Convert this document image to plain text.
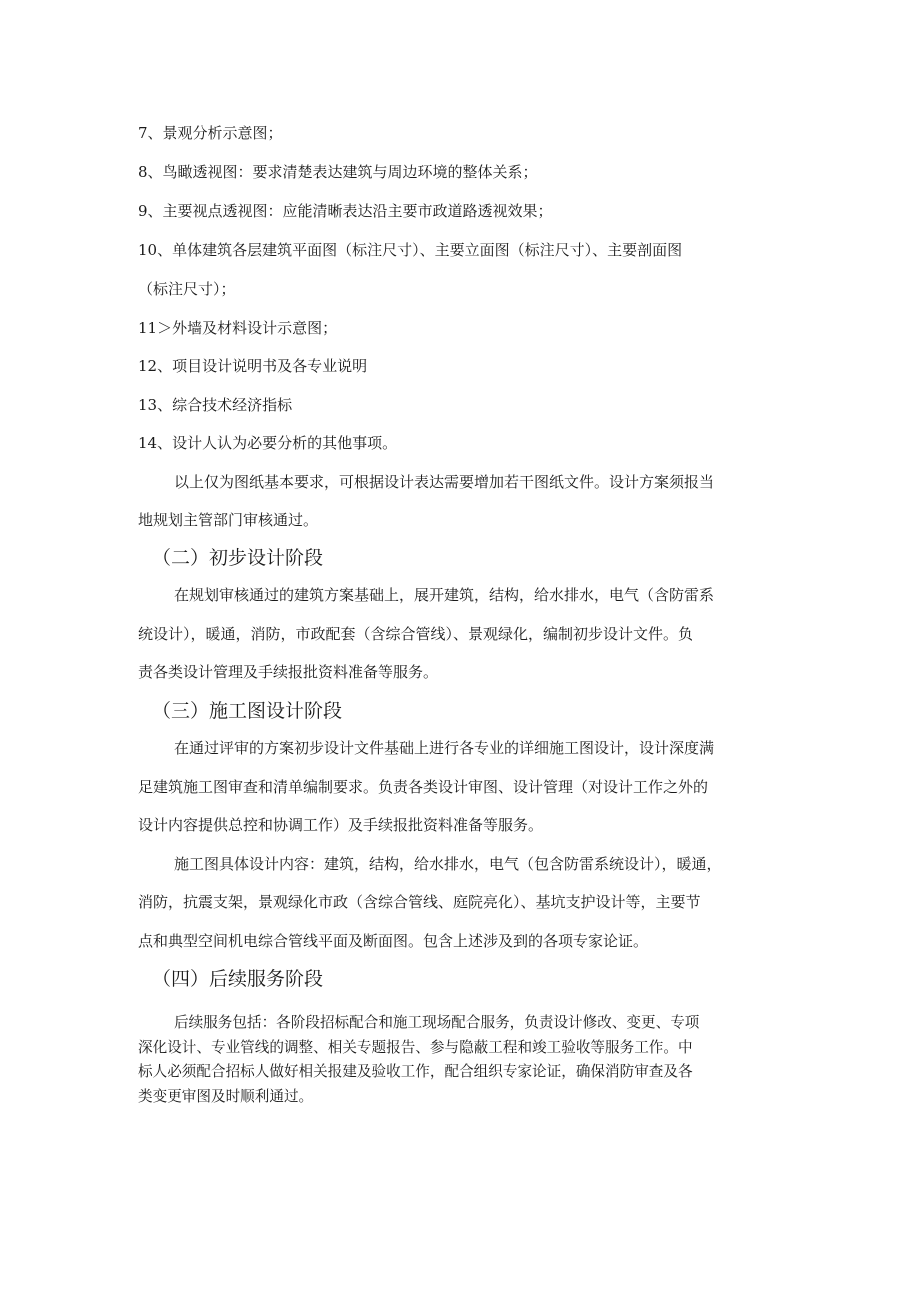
7、景观分析示意图；
8、鸟瞰透视图：要求清楚表达建筑与周边环境的整体关系；
9、主要视点透视图：应能清晰表达沿主要市政道路透视效果；
10、单体建筑各层建筑平面图（标注尺寸）、主要立面图（标注尺寸）、主要剖面图
（标注尺寸）；
11＞外墙及材料设计示意图；
12、项目设计说明书及各专业说明
13、综合技术经济指标
14、设计人认为必要分析的其他事项。
以上仅为图纸基本要求，可根据设计表达需要增加若干图纸文件。设计方案须报当
地规划主管部门审核通过。
（二）初步设计阶段
在规划审核通过的建筑方案基础上，展开建筑，结构，给水排水，电气（含防雷系
统设计），暖通，消防，市政配套（含综合管线）、景观绿化，编制初步设计文件。负
责各类设计管理及手续报批资料准备等服务。
（三）施工图设计阶段
在通过评审的方案初步设计文件基础上进行各专业的详细施工图设计，设计深度满
足建筑施工图审查和清单编制要求。负责各类设计审图、设计管理（对设计工作之外的
设计内容提供总控和协调工作）及手续报批资料准备等服务。
施工图具体设计内容：建筑，结构，给水排水，电气（包含防雷系统设计），暖通，
消防，抗震支架，景观绿化市政（含综合管线、庭院亮化）、基坑支护设计等，主要节
点和典型空间机电综合管线平面及断面图。包含上述涉及到的各项专家论证。
（四）后续服务阶段
后续服务包括：各阶段招标配合和施工现场配合服务，负责设计修改、变更、专项
深化设计、专业管线的调整、相关专题报告、参与隐蔽工程和竣工验收等服务工作。中
标人必须配合招标人做好相关报建及验收工作，配合组织专家论证，确保消防审查及各
类变更审图及时顺利通过。
